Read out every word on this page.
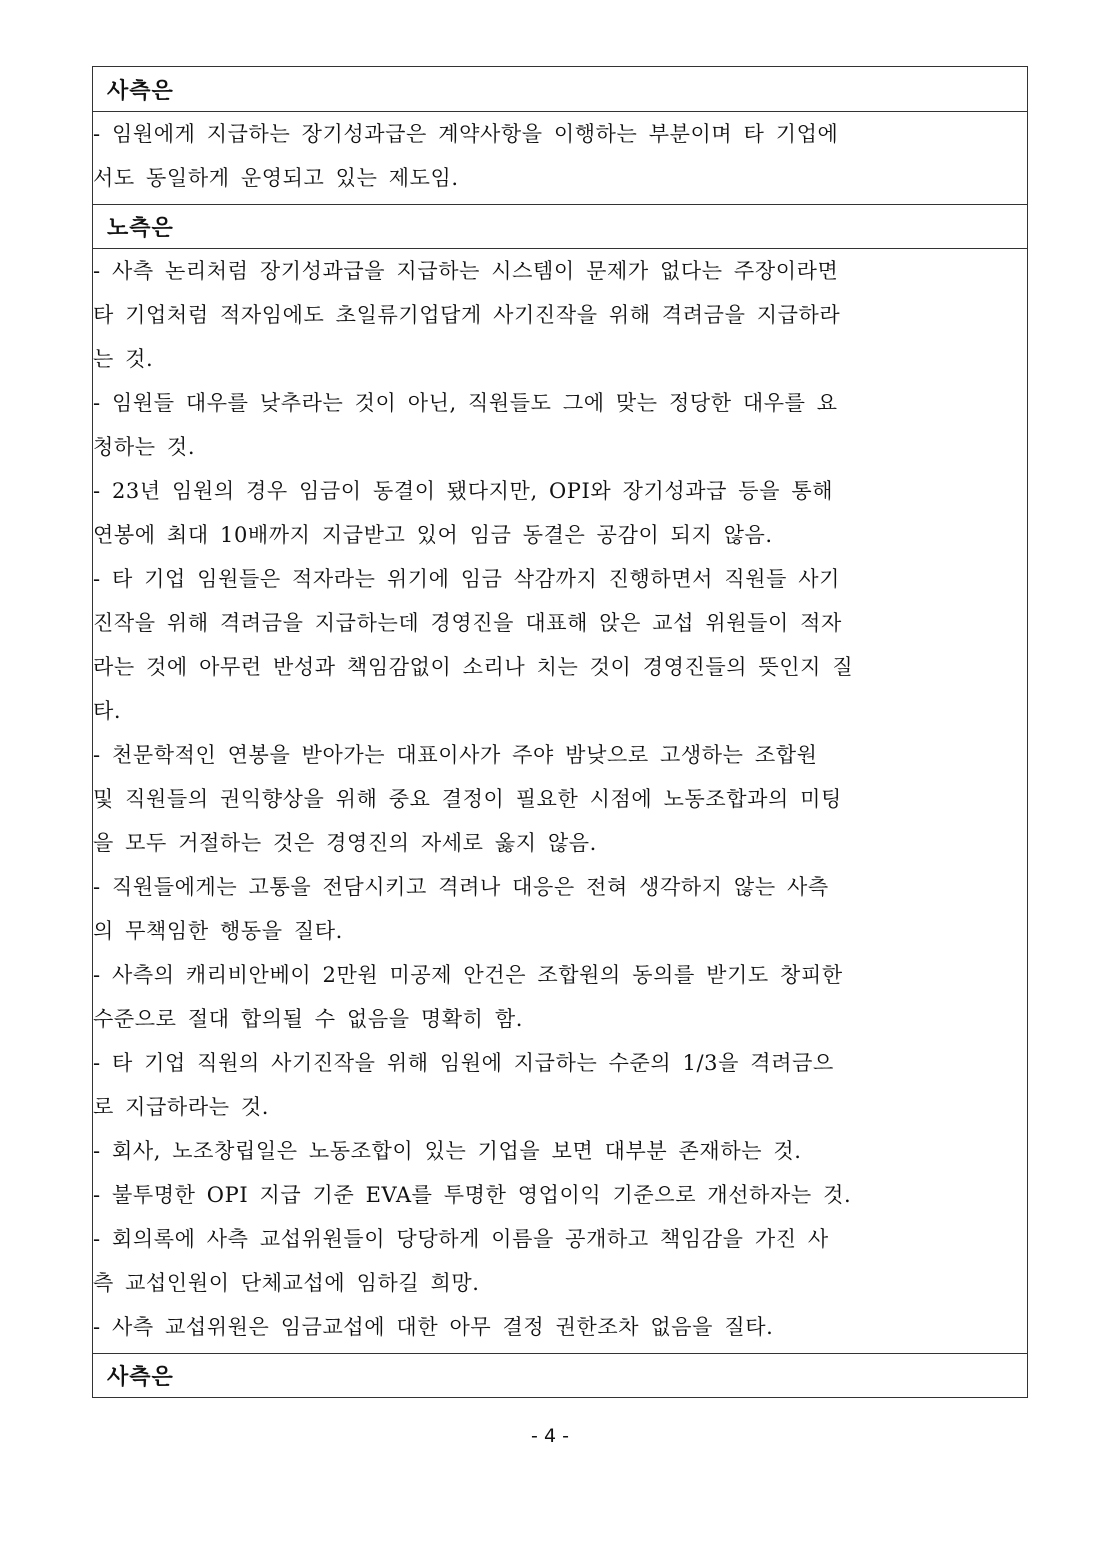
사측은
- 임원에게 지급하는 장기성과급은 계약사항을 이행하는 부분이며 타 기업에
서도 동일하게 운영되고 있는 제도임.
노측은
- 사측 논리처럼 장기성과급을 지급하는 시스템이 문제가 없다는 주장이라면
타 기업처럼 적자임에도 초일류기업답게 사기진작을 위해 격려금을 지급하라
는 것.
- 임원들 대우를 낮추라는 것이 아닌, 직원들도 그에 맞는 정당한 대우를 요
청하는 것.
- 23년 임원의 경우 임금이 동결이 됐다지만, OPI와 장기성과급 등을 통해
연봉에 최대 10배까지 지급받고 있어 임금 동결은 공감이 되지 않음.
- 타 기업 임원들은 적자라는 위기에 임금 삭감까지 진행하면서 직원들 사기
진작을 위해 격려금을 지급하는데 경영진을 대표해 앉은 교섭 위원들이 적자
라는 것에 아무런 반성과 책임감없이 소리나 치는 것이 경영진들의 뜻인지 질
타.
- 천문학적인 연봉을 받아가는 대표이사가 주야 밤낮으로 고생하는 조합원
및 직원들의 권익향상을 위해 중요 결정이 필요한 시점에 노동조합과의 미팅
을 모두 거절하는 것은 경영진의 자세로 옳지 않음.
- 직원들에게는 고통을 전담시키고 격려나 대응은 전혀 생각하지 않는 사측
의 무책임한 행동을 질타.
- 사측의 캐리비안베이 2만원 미공제 안건은 조합원의 동의를 받기도 창피한
수준으로 절대 합의될 수 없음을 명확히 함.
- 타 기업 직원의 사기진작을 위해 임원에 지급하는 수준의 1/3을 격려금으
로 지급하라는 것.
- 회사, 노조창립일은 노동조합이 있는 기업을 보면 대부분 존재하는 것.
- 불투명한 OPI 지급 기준 EVA를 투명한 영업이익 기준으로 개선하자는 것.
- 회의록에 사측 교섭위원들이 당당하게 이름을 공개하고 책임감을 가진 사
측 교섭인원이 단체교섭에 임하길 희망.
- 사측 교섭위원은 임금교섭에 대한 아무 결정 권한조차 없음을 질타.
사측은
- 4 -
